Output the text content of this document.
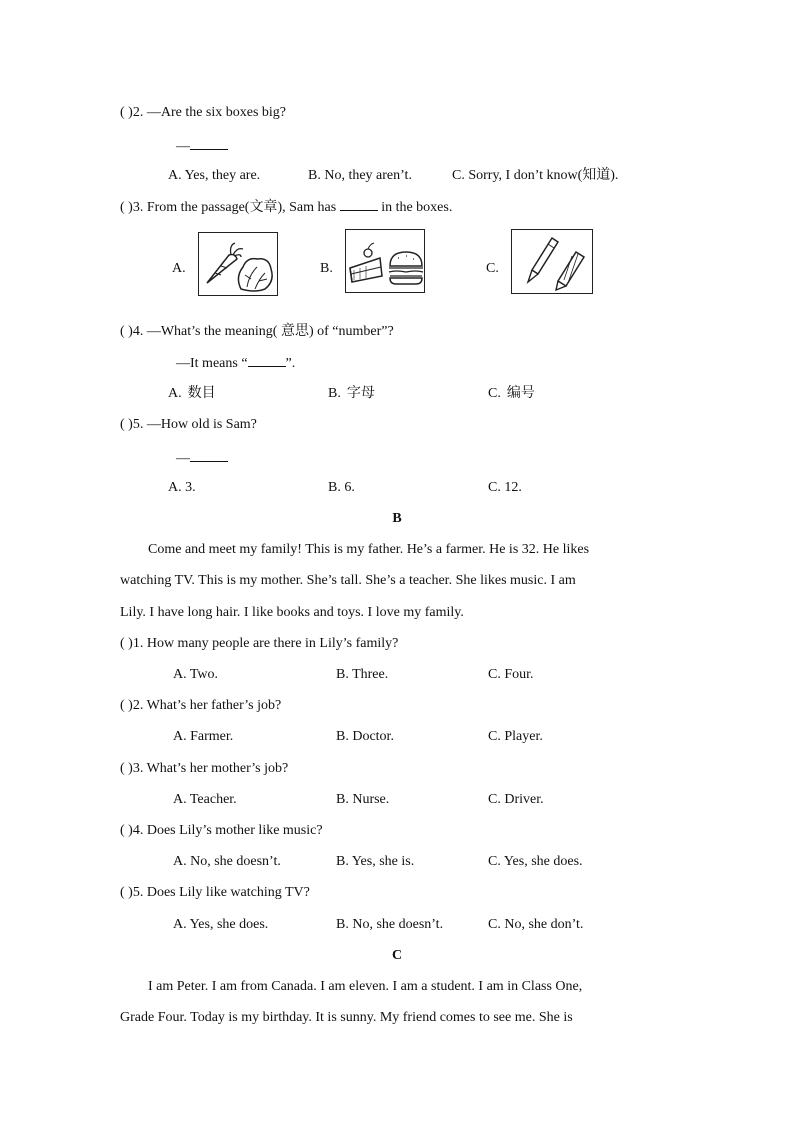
( )2. —Are the six boxes big?
—
A. Yes, they are.	B. No, they aren’t.	C. Sorry, I don’t know(知道).
( )3. From the passage(文章), Sam has	in the boxes.
A.	B.	C.
( )4. —What’s the meaning( 意思) of “number”?
—It means “	”.
A. 数目	B. 字母	C. 编号
( )5. —How old is Sam?
—
A. 3.	B. 6.	C. 12.
B
Come and meet my family! This is my father. He’s a farmer. He is 32. He likes
watching TV. This is my mother. She’s tall. She’s a teacher. She likes music. I am
Lily. I have long hair. I like books and toys. I love my family.
( )1. How many people are there in Lily’s family?
A. Two.	B. Three.	C. Four.
( )2. What’s her father’s job?
A. Farmer.	B. Doctor.	C. Player.
( )3. What’s her mother’s job?
A. Teacher.	B. Nurse.	C. Driver.
( )4. Does Lily’s mother like music?
A. No, she doesn’t.	B. Yes, she is.	C. Yes, she does.
( )5. Does Lily like watching TV?
A. Yes, she does.	B. No, she doesn’t.	C. No, she don’t.
C
I am Peter. I am from Canada. I am eleven. I am a student. I am in Class One,
Grade Four. Today is my birthday. It is sunny. My friend comes to see me. She is
